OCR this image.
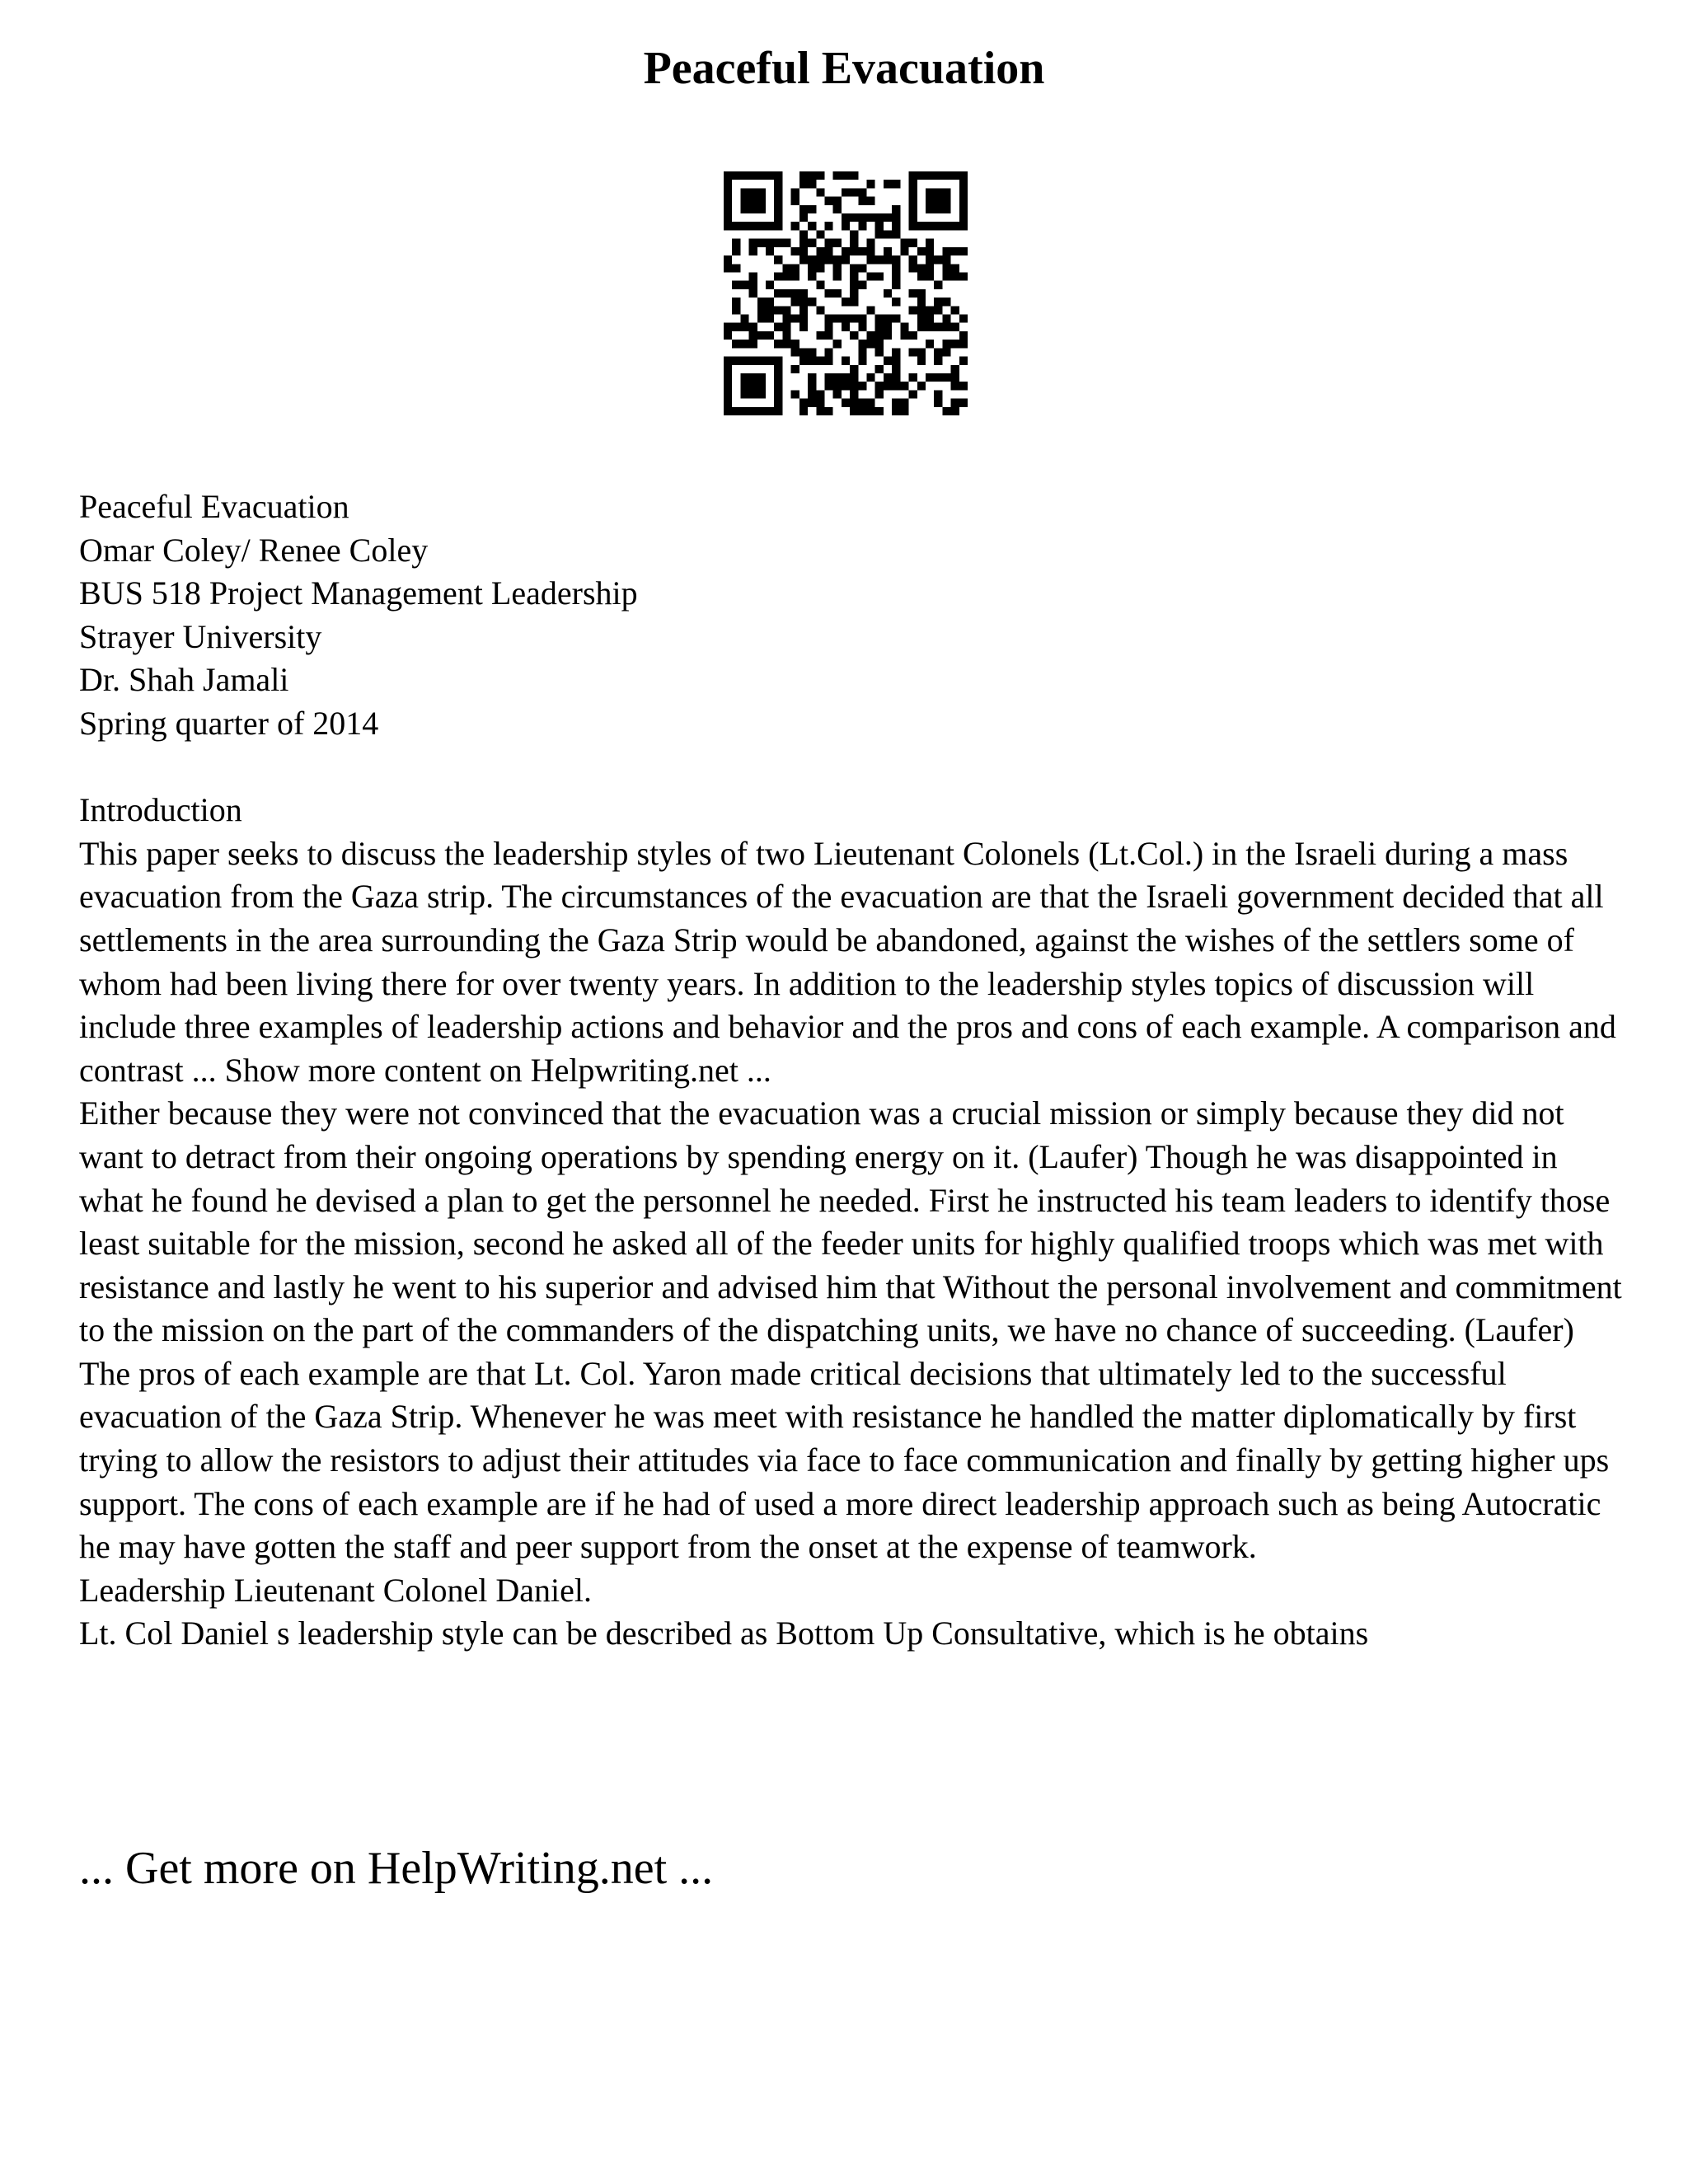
Peaceful Evacuation

Peaceful Evacuation

Omar Coley/ Renee Coley

BUS 518 Project Management Leadership

Strayer University

Dr. Shah Jamali

Spring quarter of 2014

Introduction

This paper seeks to discuss the leadership styles of two Lieutenant Colonels (Lt.Col.) in the Israeli during a mass evacuation from the Gaza strip. The circumstances of the evacuation are that the Israeli government decided that all settlements in the area surrounding the Gaza Strip would be abandoned, against the wishes of the settlers some of whom had been living there for over twenty years. In addition to the leadership styles topics of discussion will include three examples of leadership actions and behavior and the pros and cons of each example. A comparison and contrast ... Show more content on Helpwriting.net ...

Either because they were not convinced that the evacuation was a crucial mission or simply because they did not want to detract from their ongoing operations by spending energy on it. (Laufer) Though he was disappointed in what he found he devised a plan to get the personnel he needed. First he instructed his team leaders to identify those least suitable for the mission, second he asked all of the feeder units for highly qualified troops which was met with resistance and lastly he went to his superior and advised him that Without the personal involvement and commitment to the mission on the part of the commanders of the dispatching units, we have no chance of succeeding. (Laufer) The pros of each example are that Lt. Col. Yaron made critical decisions that ultimately led to the successful evacuation of the Gaza Strip. Whenever he was meet with resistance he handled the matter diplomatically by first trying to allow the resistors to adjust their attitudes via face to face communication and finally by getting higher ups support. The cons of each example are if he had of used a more direct leadership approach such as being Autocratic he may have gotten the staff and peer support from the onset at the expense of teamwork.

Leadership Lieutenant Colonel Daniel.

Lt. Col Daniel s leadership style can be described as Bottom Up Consultative, which is he obtains

... Get more on HelpWriting.net ...
